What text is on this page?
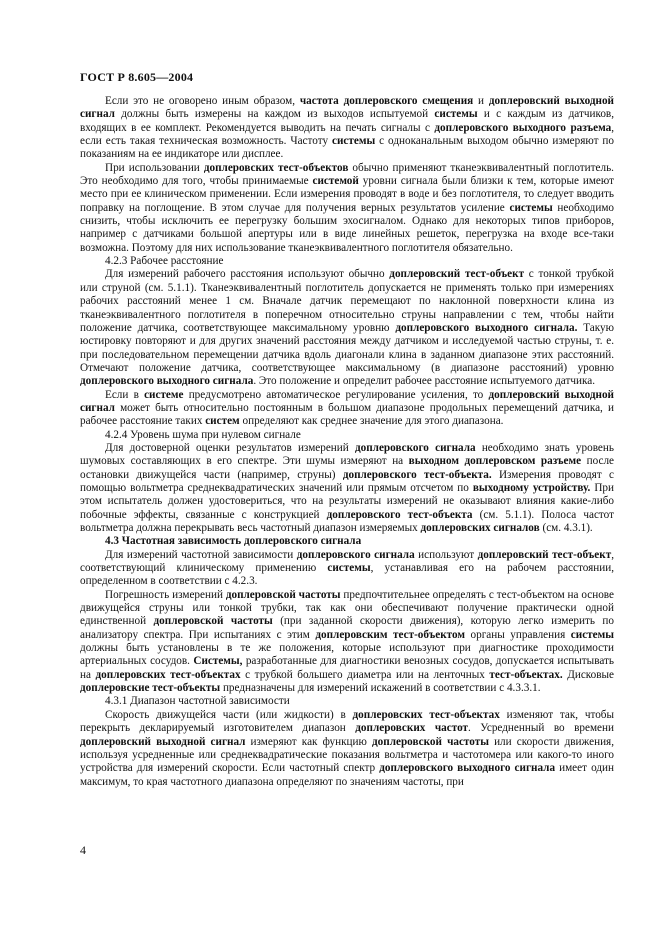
ГОСТ Р 8.605—2004

Если это не оговорено иным образом, частота доплеровского смещения и доплеровский выходной сигнал должны быть измерены на каждом из выходов испытуемой системы и с каждым из датчиков, входящих в ее комплект. Рекомендуется выводить на печать сигналы с доплеровского выходного разъема, если есть такая техническая возможность. Частоту системы с одноканальным выходом обычно измеряют по показаниям на ее индикаторе или дисплее.

При использовании доплеровских тест-объектов обычно применяют тканеэквивалентный поглотитель. Это необходимо для того, чтобы принимаемые системой уровни сигнала были близки к тем, которые имеют место при ее клиническом применении. Если измерения проводят в воде и без поглотителя, то следует вводить поправку на поглощение. В этом случае для получения верных результатов усиление системы необходимо снизить, чтобы исключить ее перегрузку большим эхосигналом. Однако для некоторых типов приборов, например с датчиками большой апертуры или в виде линейных решеток, перегрузка на входе все-таки возможна. Поэтому для них использование тканеэквивалентного поглотителя обязательно.

4.2.3 Рабочее расстояние

Для измерений рабочего расстояния используют обычно доплеровский тест-объект с тонкой трубкой или струной (см. 5.1.1). Тканеэквивалентный поглотитель допускается не применять только при измерениях рабочих расстояний менее 1 см. Вначале датчик перемещают по наклонной поверхности клина из тканеэквивалентного поглотителя в поперечном относительно струны направлении с тем, чтобы найти положение датчика, соответствующее максимальному уровню доплеровского выходного сигнала. Такую юстировку повторяют и для других значений расстояния между датчиком и исследуемой частью струны, т. е. при последовательном перемещении датчика вдоль диагонали клина в заданном диапазоне этих расстояний. Отмечают положение датчика, соответствующее максимальному (в диапазоне расстояний) уровню доплеровского выходного сигнала. Это положение и определит рабочее расстояние испытуемого датчика.

Если в системе предусмотрено автоматическое регулирование усиления, то доплеровский выходной сигнал может быть относительно постоянным в большом диапазоне продольных перемещений датчика, и рабочее расстояние таких систем определяют как среднее значение для этого диапазона.

4.2.4 Уровень шума при нулевом сигнале

Для достоверной оценки результатов измерений доплеровского сигнала необходимо знать уровень шумовых составляющих в его спектре. Эти шумы измеряют на выходном доплеровском разъеме после остановки движущейся части (например, струны) доплеровского тест-объекта. Измерения проводят с помощью вольтметра среднеквадратических значений или прямым отсчетом по выходному устройству. При этом испытатель должен удостовериться, что на результаты измерений не оказывают влияния какие-либо побочные эффекты, связанные с конструкцией доплеровского тест-объекта (см. 5.1.1). Полоса частот вольтметра должна перекрывать весь частотный диапазон измеряемых доплеровских сигналов (см. 4.3.1).

4.3 Частотная зависимость доплеровского сигнала

Для измерений частотной зависимости доплеровского сигнала используют доплеровский тест-объект, соответствующий клиническому применению системы, устанавливая его на рабочем расстоянии, определенном в соответствии с 4.2.3.

Погрешность измерений доплеровской частоты предпочтительнее определять с тест-объектом на основе движущейся струны или тонкой трубки, так как они обеспечивают получение практически одной единственной доплеровской частоты (при заданной скорости движения), которую легко измерить по анализатору спектра. При испытаниях с этим доплеровским тест-объектом органы управления системы должны быть установлены в те же положения, которые используют при диагностике проходимости артериальных сосудов. Системы, разработанные для диагностики венозных сосудов, допускается испытывать на доплеровских тест-объектах с трубкой большего диаметра или на ленточных тест-объектах. Дисковые доплеровские тест-объекты предназначены для измерений искажений в соответствии с 4.3.3.1.

4.3.1 Диапазон частотной зависимости

Скорость движущейся части (или жидкости) в доплеровских тест-объектах изменяют так, чтобы перекрыть декларируемый изготовителем диапазон доплеровских частот. Усредненный во времени доплеровский выходной сигнал измеряют как функцию доплеровской частоты или скорости движения, используя усредненные или среднеквадратические показания вольтметра и частотомера или какого-то иного устройства для измерений скорости. Если частотный спектр доплеровского выходного сигнала имеет один максимум, то края частотного диапазона определяют по значениям частоты, при

4
